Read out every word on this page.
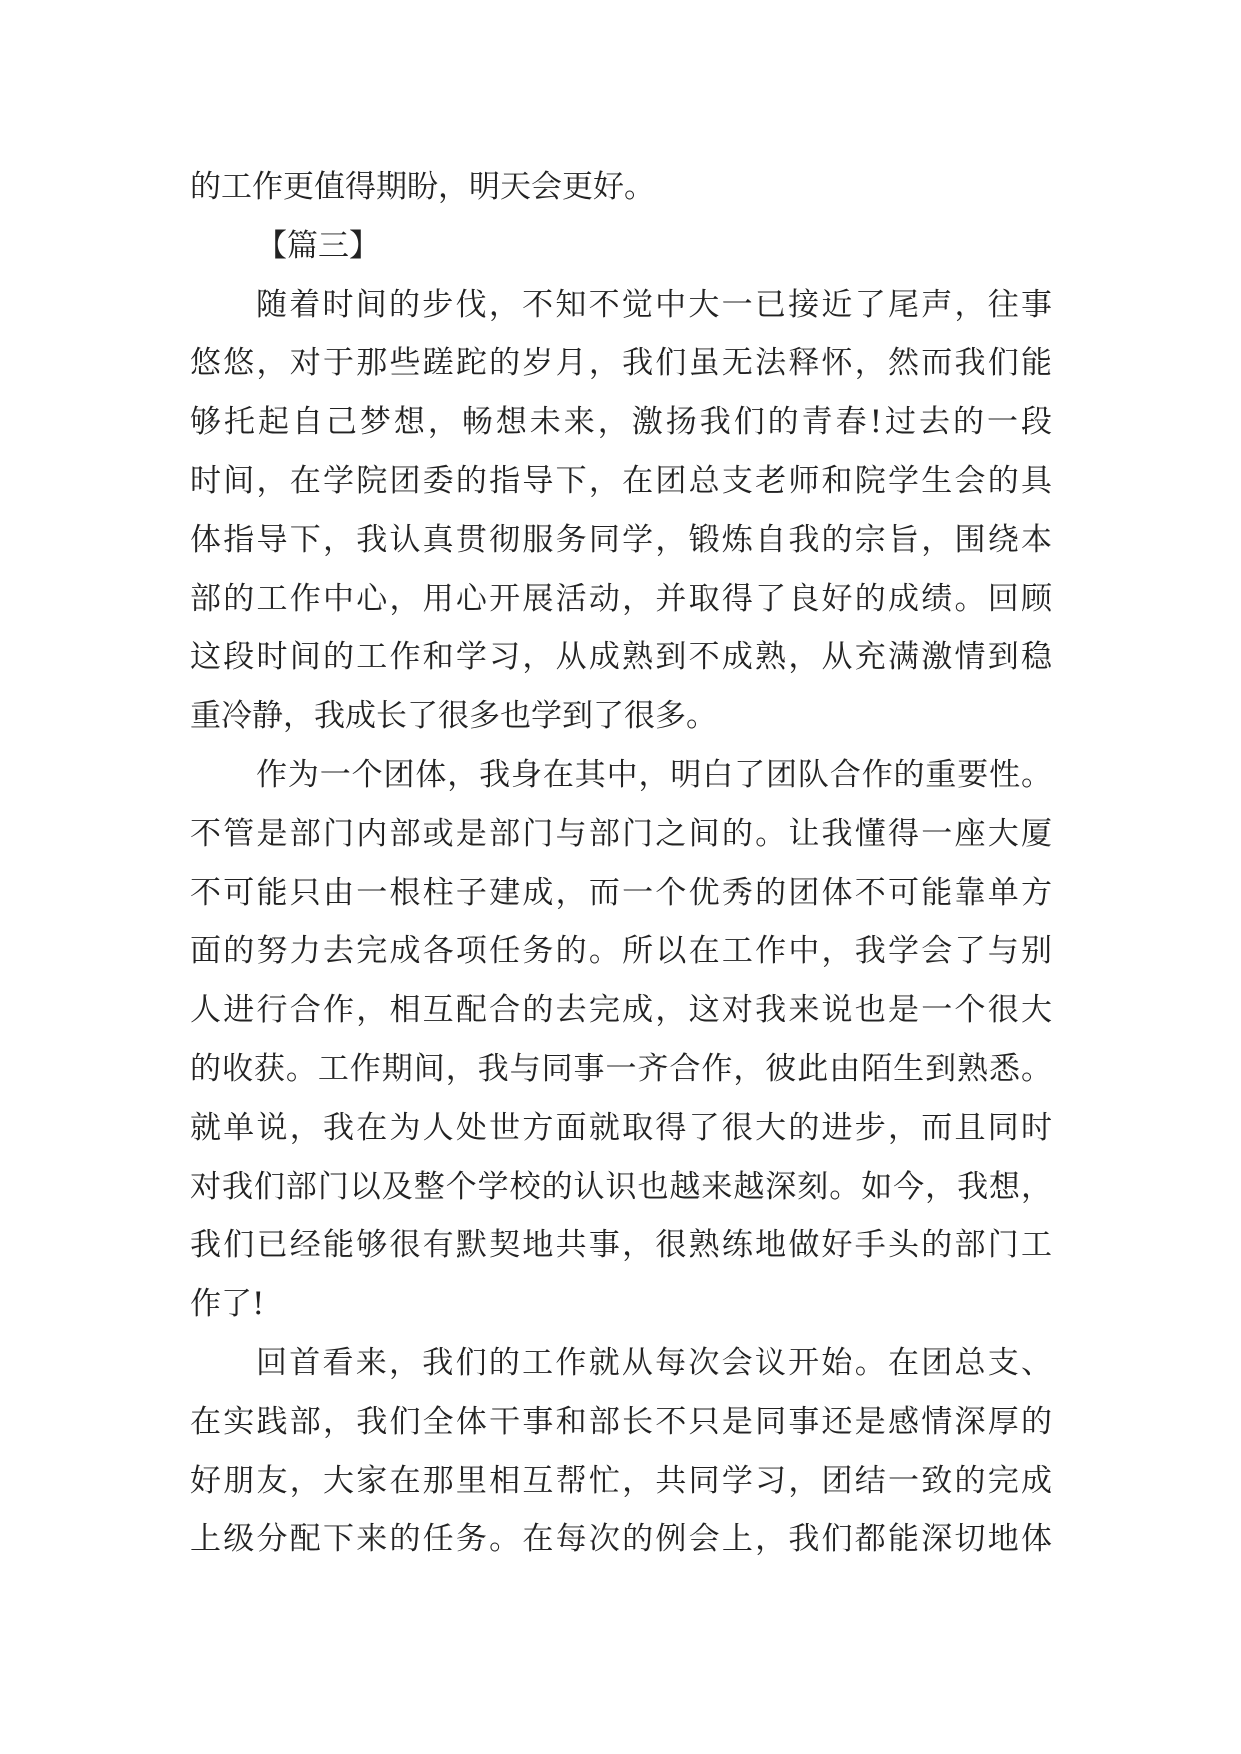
的工作更值得期盼，明天会更好。
【篇三】
随着时间的步伐，不知不觉中大一已接近了尾声，往事
悠悠，对于那些蹉跎的岁月，我们虽无法释怀，然而我们能
够托起自己梦想，畅想未来，激扬我们的青春!过去的一段
时间，在学院团委的指导下，在团总支老师和院学生会的具
体指导下，我认真贯彻服务同学，锻炼自我的宗旨，围绕本
部的工作中心，用心开展活动，并取得了良好的成绩。回顾
这段时间的工作和学习，从成熟到不成熟，从充满激情到稳
重冷静，我成长了很多也学到了很多。
作为一个团体，我身在其中，明白了团队合作的重要性。
不管是部门内部或是部门与部门之间的。让我懂得一座大厦
不可能只由一根柱子建成，而一个优秀的团体不可能靠单方
面的努力去完成各项任务的。所以在工作中，我学会了与别
人进行合作，相互配合的去完成，这对我来说也是一个很大
的收获。工作期间，我与同事一齐合作，彼此由陌生到熟悉。
就单说，我在为人处世方面就取得了很大的进步，而且同时
对我们部门以及整个学校的认识也越来越深刻。如今，我想，
我们已经能够很有默契地共事，很熟练地做好手头的部门工
作了!
回首看来，我们的工作就从每次会议开始。在团总支、
在实践部，我们全体干事和部长不只是同事还是感情深厚的
好朋友，大家在那里相互帮忙，共同学习，团结一致的完成
上级分配下来的任务。在每次的例会上，我们都能深切地体
